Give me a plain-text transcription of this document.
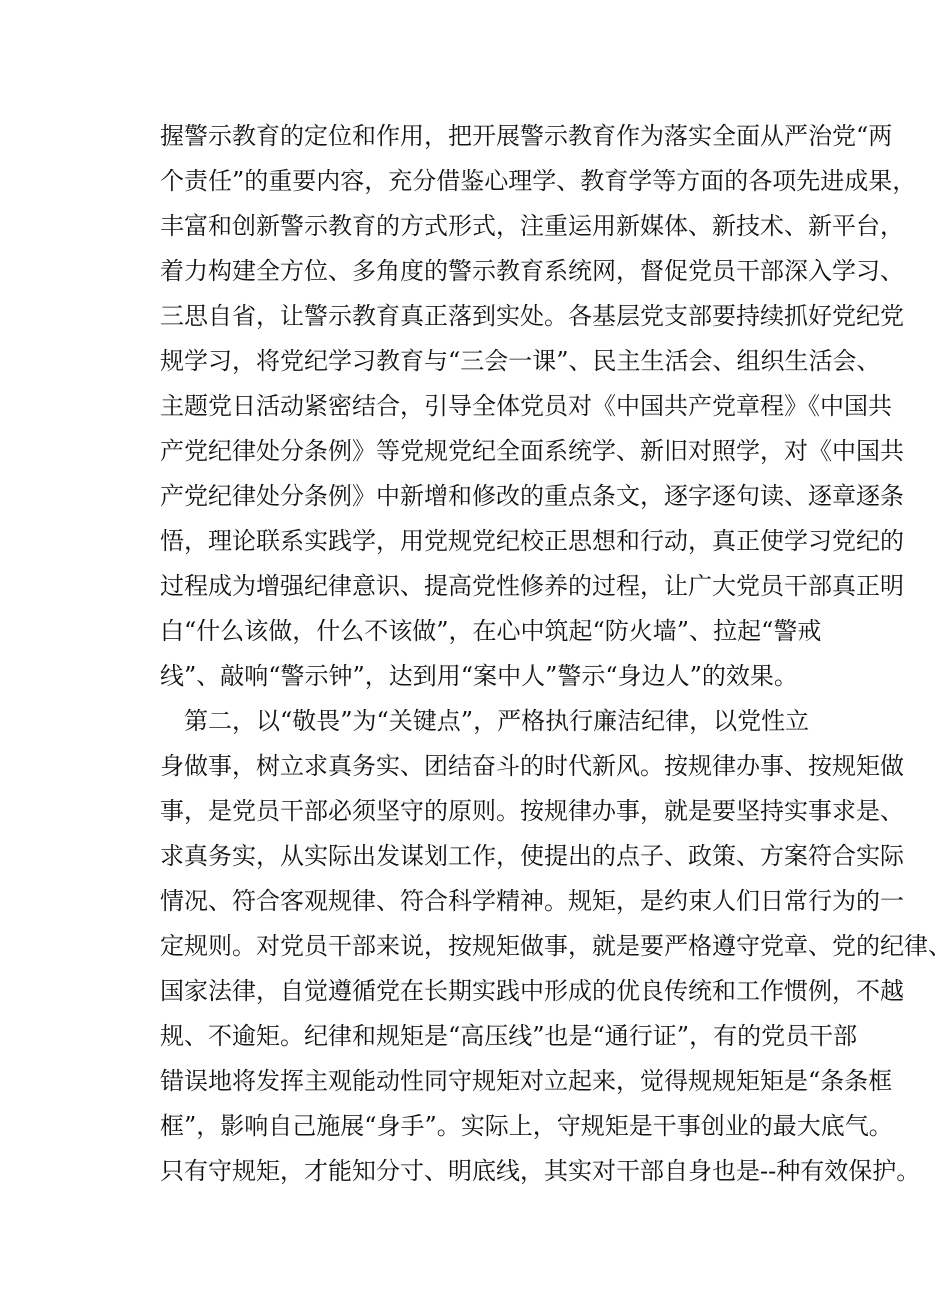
握警示教育的定位和作用，把开展警示教育作为落实全面从严治党“两
个责任”的重要内容，充分借鉴心理学、教育学等方面的各项先进成果，
丰富和创新警示教育的方式形式，注重运用新媒体、新技术、新平台，
着力构建全方位、多角度的警示教育系统网，督促党员干部深入学习、
三思自省，让警示教育真正落到实处。各基层党支部要持续抓好党纪党
规学习，将党纪学习教育与“三会一课”、民主生活会、组织生活会、
主题党日活动紧密结合，引导全体党员对《中国共产党章程》《中国共
产党纪律处分条例》等党规党纪全面系统学、新旧对照学，对《中国共
产党纪律处分条例》中新增和修改的重点条文，逐字逐句读、逐章逐条
悟，理论联系实践学，用党规党纪校正思想和行动，真正使学习党纪的
过程成为增强纪律意识、提高党性修养的过程，让广大党员干部真正明
白“什么该做，什么不该做”，在心中筑起“防火墙”、拉起“警戒
线”、敲响“警示钟”，达到用“案中人”警示“身边人”的效果。
第二，以“敬畏”为“关键点”，严格执行廉洁纪律，以党性立
身做事，树立求真务实、团结奋斗的时代新风。按规律办事、按规矩做
事，是党员干部必须坚守的原则。按规律办事，就是要坚持实事求是、
求真务实，从实际出发谋划工作，使提出的点子、政策、方案符合实际
情况、符合客观规律、符合科学精神。规矩，是约束人们日常行为的一
定规则。对党员干部来说，按规矩做事，就是要严格遵守党章、党的纪律、
国家法律，自觉遵循党在长期实践中形成的优良传统和工作惯例，不越
规、不逾矩。纪律和规矩是“高压线”也是“通行证”，有的党员干部
错误地将发挥主观能动性同守规矩对立起来，觉得规规矩矩是“条条框
框”，影响自己施展“身手”。实际上，守规矩是干事创业的最大底气。
只有守规矩，才能知分寸、明底线，其实对干部自身也是--种有效保护。
